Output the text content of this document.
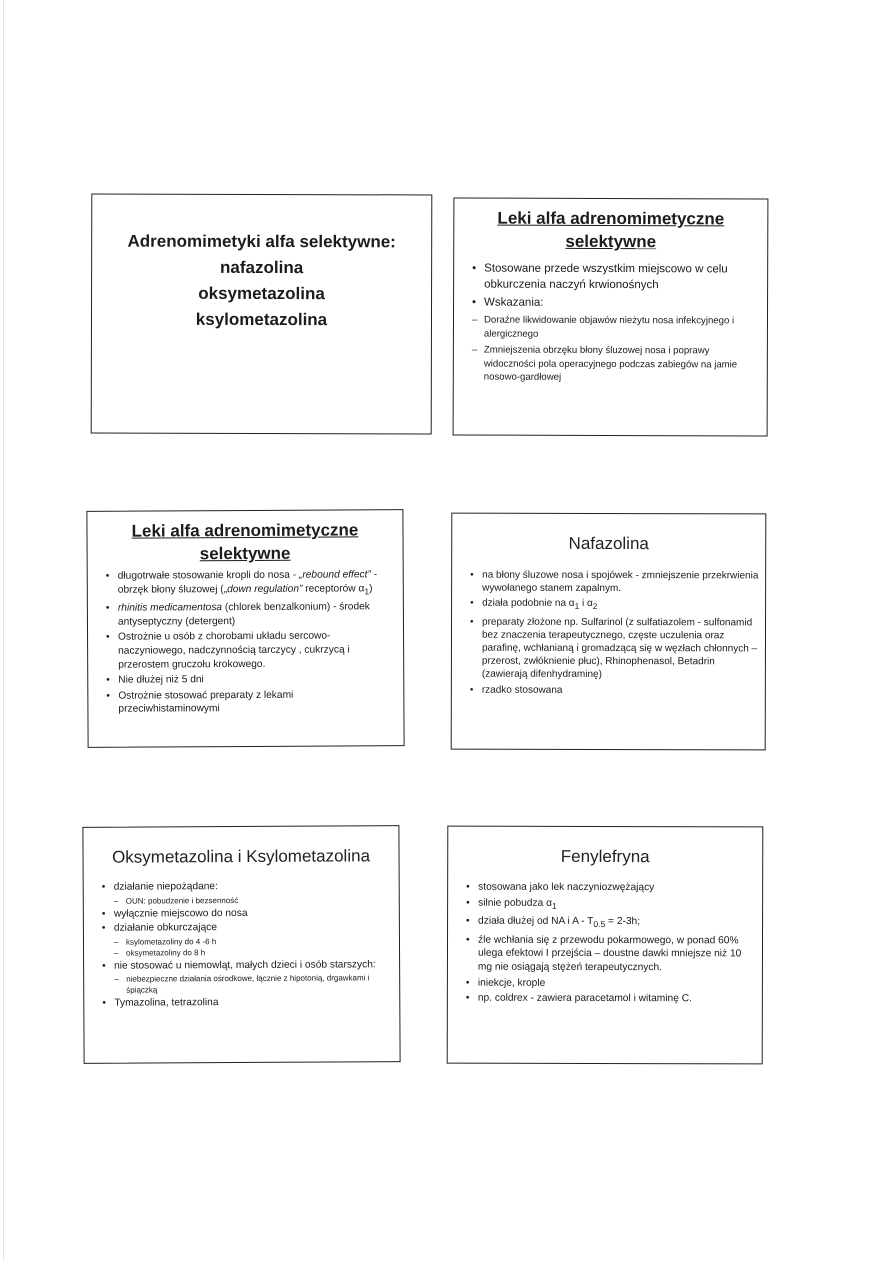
Adrenomimetyki alfa selektywne:
nafazolina
oksymetazolina
ksylometazolina
Leki alfa adrenomimetyczne
selektywne
• Stosowane przede wszystkim miejscowo w celu obkurczenia naczyń krwionośnych
• Wskazania:
– Doraźne likwidowanie objawów nieżytu nosa infekcyjnego i alergicznego
– Zmniejszenia obrzęku błony śluzowej nosa i poprawy widoczności pola operacyjnego podczas zabiegów na jamie nosowo-gardłowej
Leki alfa adrenomimetyczne
selektywne
• długotrwałe stosowanie kropli do nosa - „rebound effect” - obrzęk błony śluzowej („down regulation” receptorów $\alpha_1$)
• rhinitis medicamentosa (chlorek benzalkonium) - środek antyseptyczny (detergent)
• Ostrożnie u osób z chorobami układu sercowo-naczyniowego, nadczynnością tarczycy , cukrzycą i przerostem gruczołu krokowego.
• Nie dłużej niż 5 dni
• Ostrożnie stosować preparaty z lekami przeciwhistaminowymi
Nafazolina
• na błony śluzowe nosa i spojówek - zmniejszenie przekrwienia wywołanego stanem zapalnym.
• działa podobnie na $\alpha_1$ i $\alpha_2$
• preparaty złożone np. Sulfarinol (z sulfatiazolem - sulfonamid bez znaczenia terapeutycznego, częste uczulenia oraz parafinę, wchłanianą i gromadzącą się w węzłach chłonnych – przerost, zwłóknienie płuc), Rhinophenasol, Betadrin (zawierają difenhydraminę)
• rzadko stosowana
Oksymetazolina i Ksylometazolina
• działanie niepożądane:
– OUN: pobudzenie i bezsenność
• wyłącznie miejscowo do nosa
• działanie obkurczające
– ksylometazoliny do 4 -6 h
– oksymetazoliny do 8 h
• nie stosować u niemowląt, małych dzieci i osób starszych:
– niebezpieczne działania ośrodkowe, łącznie z hipotonią, drgawkami i śpiączką
• Tymazolina, tetrazolina
Fenylefryna
• stosowana jako lek naczyniozwężający
• silnie pobudza $\alpha_1$
• działa dłużej od NA i $A - T_{0.5} = 2-3h$;
• źle wchłania się z przewodu pokarmowego, w ponad 60% ulega efektowi I przejścia – doustne dawki mniejsze niż 10 mg nie osiągają stężeń terapeutycznych.
• iniekcje, krople
• np. coldrex - zawiera paracetamol i witaminę C.
